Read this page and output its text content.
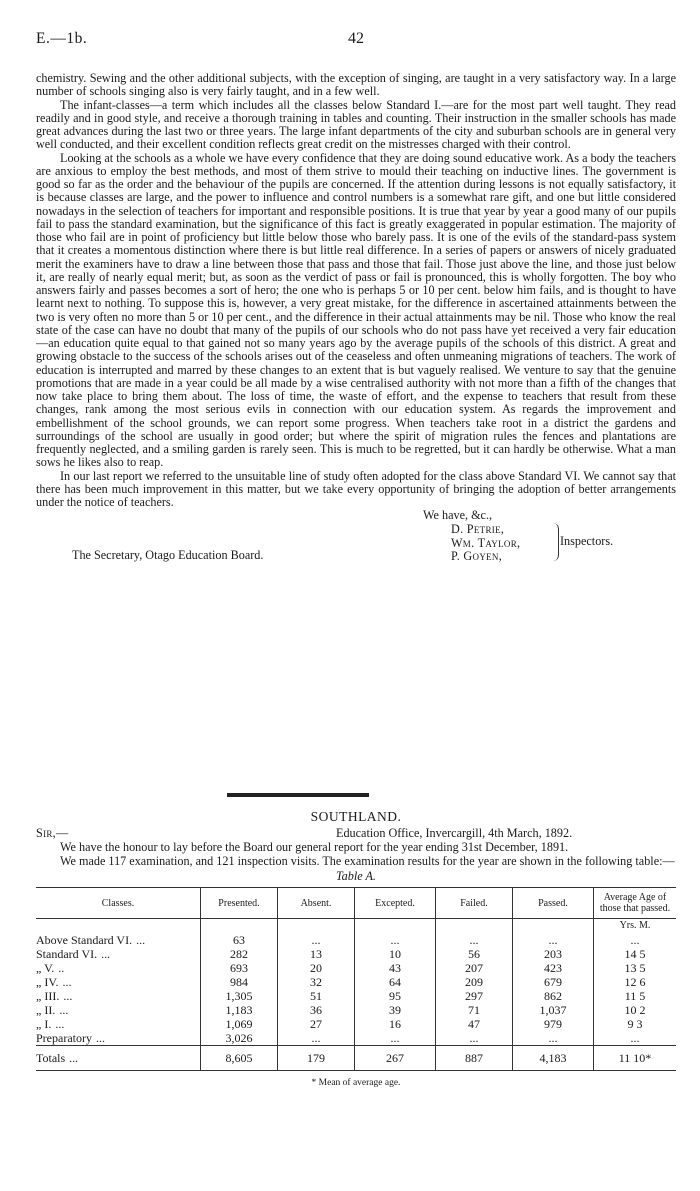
E.—1b.	42

chemistry. Sewing and the other additional subjects, with the exception of singing, are taught in a very satisfactory way. In a large number of schools singing also is very fairly taught, and in a few well.

The infant-classes—a term which includes all the classes below Standard I.—are for the most part well taught. They read readily and in good style, and receive a thorough training in tables and counting. Their instruction in the smaller schools has made great advances during the last two or three years. The large infant departments of the city and suburban schools are in general very well conducted, and their excellent condition reflects great credit on the mistresses charged with their control.

Looking at the schools as a whole we have every confidence that they are doing sound educative work. As a body the teachers are anxious to employ the best methods, and most of them strive to mould their teaching on inductive lines. The government is good so far as the order and the behaviour of the pupils are concerned. If the attention during lessons is not equally satisfactory, it is because classes are large, and the power to influence and control numbers is a somewhat rare gift, and one but little considered nowadays in the selection of teachers for important and responsible positions. It is true that year by year a good many of our pupils fail to pass the standard examination, but the significance of this fact is greatly exaggerated in popular estimation. The majority of those who fail are in point of proficiency but little below those who barely pass. It is one of the evils of the standard-pass system that it creates a momentous distinction where there is but little real difference. In a series of papers or answers of nicely graduated merit the examiners have to draw a line between those that pass and those that fail. Those just above the line, and those just below it, are really of nearly equal merit; but, as soon as the verdict of pass or fail is pronounced, this is wholly forgotten. The boy who answers fairly and passes becomes a sort of hero; the one who is perhaps 5 or 10 per cent. below him fails, and is thought to have learnt next to nothing. To suppose this is, however, a very great mistake, for the difference in ascertained attainments between the two is very often no more than 5 or 10 per cent., and the difference in their actual attainments may be nil. Those who know the real state of the case can have no doubt that many of the pupils of our schools who do not pass have yet received a very fair education—an education quite equal to that gained not so many years ago by the average pupils of the schools of this district. A great and growing obstacle to the success of the schools arises out of the ceaseless and often unmeaning migrations of teachers. The work of education is interrupted and marred by these changes to an extent that is but vaguely realised. We venture to say that the genuine promotions that are made in a year could be all made by a wise centralised authority with not more than a fifth of the changes that now take place to bring them about. The loss of time, the waste of effort, and the expense to teachers that result from these changes, rank among the most serious evils in connection with our education system. As regards the improvement and embellishment of the school grounds, we can report some progress. When teachers take root in a district the gardens and surroundings of the school are usually in good order; but where the spirit of migration rules the fences and plantations are frequently neglected, and a smiling garden is rarely seen. This is much to be regretted, but it can hardly be otherwise. What a man sows he likes also to reap.

In our last report we referred to the unsuitable line of study often adopted for the class above Standard VI. We cannot say that there has been much improvement in this matter, but we take every opportunity of bringing the adoption of better arrangements under the notice of teachers.

We have, &c.,
D. Petrie,
Wm. Taylor,
P. Goyen,
Inspectors.
The Secretary, Otago Education Board.
SOUTHLAND.
Sir,—	Education Office, Invercargill, 4th March, 1892.

We have the honour to lay before the Board our general report for the year ending 31st December, 1891.

We made 117 examination, and 121 inspection visits. The examination results for the year are shown in the following table:—

Table A.
Classes.	Presented.	Absent.	Excepted.	Failed.	Passed.	Average Age of those that passed.
						Yrs. M.
Above Standard VI. ...	63	...	...	...	...	...
Standard VI. ...	282	13	10	56	203	14 5
„ V. ..	693	20	43	207	423	13 5
„ IV. ...	984	32	64	209	679	12 6
„ III. ...	1,305	51	95	297	862	11 5
„ II. ...	1,183	36	39	71	1,037	10 2
„ I. ...	1,069	27	16	47	979	9 3
Preparatory ...	3,026	...	...	...	...	...
Totals ...	8,605	179	267	887	4,183	11 10*
* Mean of average age.
